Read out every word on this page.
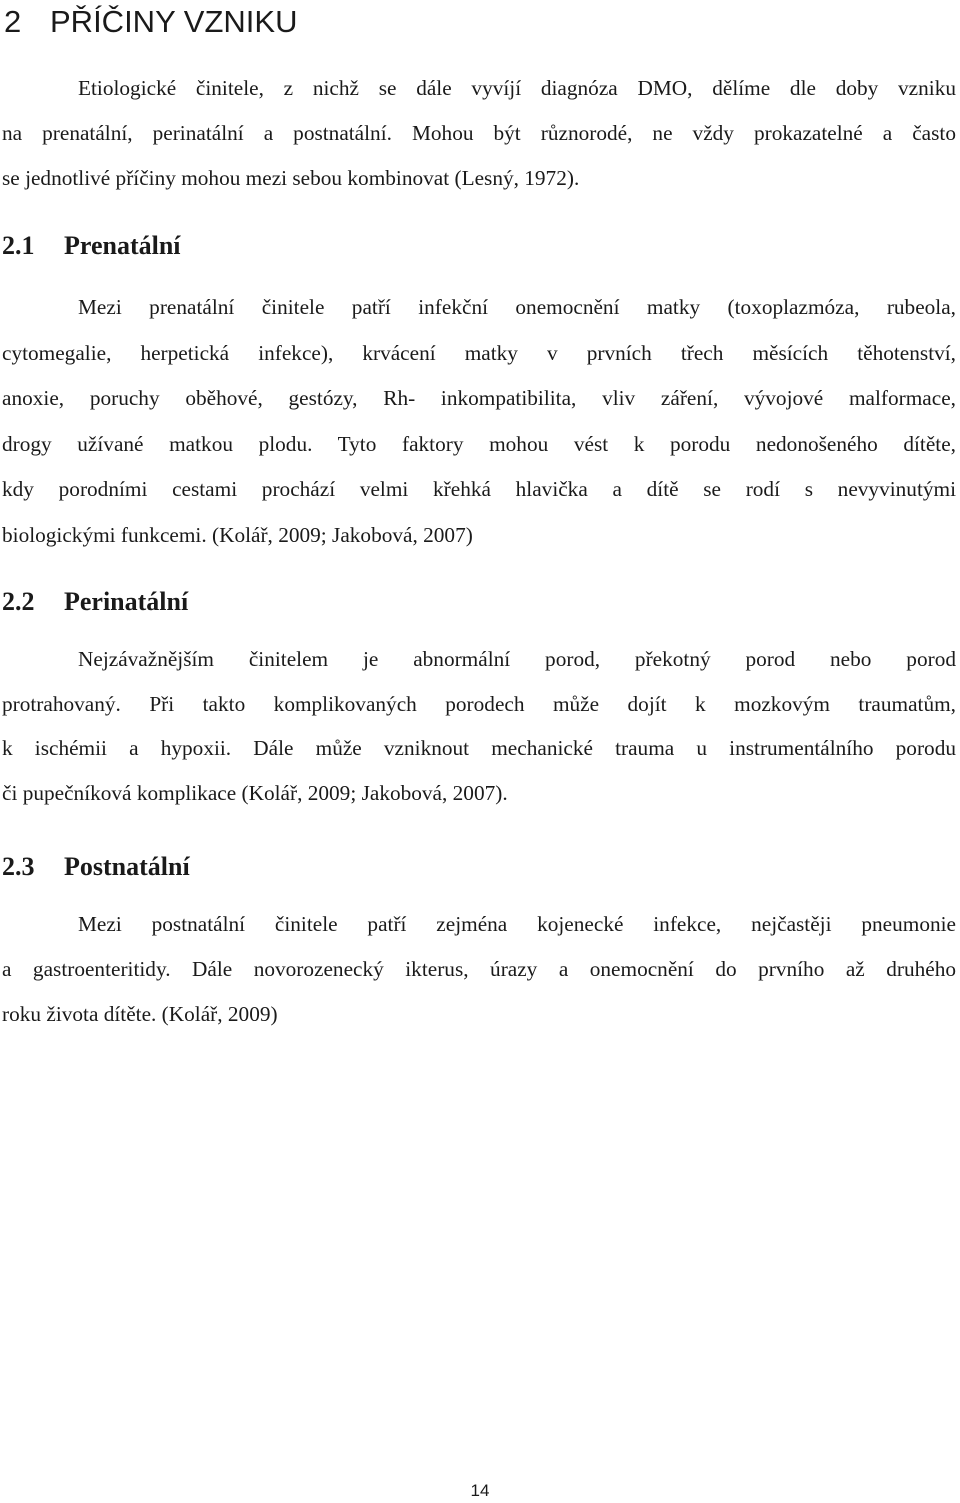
2 PŘÍČINY VZNIKU

Etiologické činitele, z nichž se dále vyvíjí diagnóza DMO, dělíme dle doby vzniku
na prenatální, perinatální a postnatální. Mohou být různorodé, ne vždy prokazatelné a často
se jednotlivé příčiny mohou mezi sebou kombinovat (Lesný, 1972).

2.1 Prenatální

Mezi prenatální činitele patří infekční onemocnění matky (toxoplazmóza, rubeola,
cytomegalie, herpetická infekce), krvácení matky v prvních třech měsících těhotenství,
anoxie, poruchy oběhové, gestózy, Rh- inkompatibilita, vliv záření, vývojové malformace,
drogy užívané matkou plodu. Tyto faktory mohou vést k porodu nedonošeného dítěte,
kdy porodními cestami prochází velmi křehká hlavička a dítě se rodí s nevyvinutými
biologickými funkcemi. (Kolář, 2009; Jakobová, 2007)

2.2 Perinatální

Nejzávažnějším činitelem je abnormální porod, překotný porod nebo porod
protrahovaný. Při takto komplikovaných porodech může dojít k mozkovým traumatům,
k ischémii a hypoxii. Dále může vzniknout mechanické trauma u instrumentálního porodu
či pupečníková komplikace (Kolář, 2009; Jakobová, 2007).

2.3 Postnatální

Mezi postnatální činitele patří zejména kojenecké infekce, nejčastěji pneumonie
a gastroenteritidy. Dále novorozenecký ikterus, úrazy a onemocnění do prvního až druhého
roku života dítěte. (Kolář, 2009)

14
